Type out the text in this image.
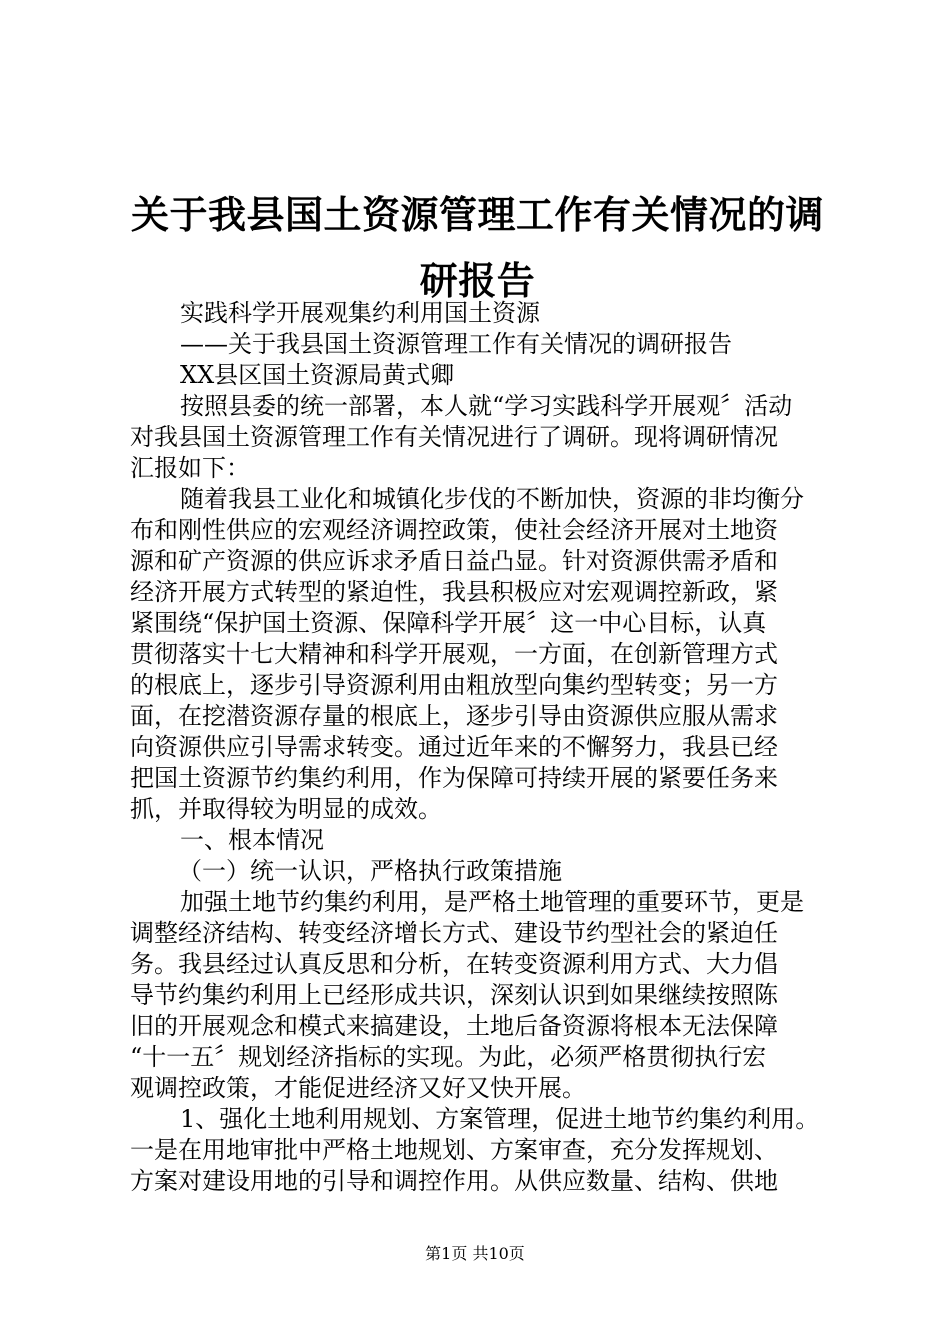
关于我县国土资源管理工作有关情况的调研报告
实践科学开展观集约利用国土资源
——关于我县国土资源管理工作有关情况的调研报告
XX县区国土资源局黄式卿
按照县委的统一部署，本人就“学习实践科学开展观〞活动
对我县国土资源管理工作有关情况进行了调研。现将调研情况
汇报如下：
随着我县工业化和城镇化步伐的不断加快，资源的非均衡分
布和刚性供应的宏观经济调控政策，使社会经济开展对土地资
源和矿产资源的供应诉求矛盾日益凸显。针对资源供需矛盾和
经济开展方式转型的紧迫性，我县积极应对宏观调控新政，紧
紧围绕“保护国土资源、保障科学开展〞这一中心目标，认真
贯彻落实十七大精神和科学开展观，一方面，在创新管理方式
的根底上，逐步引导资源利用由粗放型向集约型转变；另一方
面，在挖潜资源存量的根底上，逐步引导由资源供应服从需求
向资源供应引导需求转变。通过近年来的不懈努力，我县已经
把国土资源节约集约利用，作为保障可持续开展的紧要任务来
抓，并取得较为明显的成效。
一、根本情况
（一）统一认识，严格执行政策措施
加强土地节约集约利用，是严格土地管理的重要环节，更是
调整经济结构、转变经济增长方式、建设节约型社会的紧迫任
务。我县经过认真反思和分析，在转变资源利用方式、大力倡
导节约集约利用上已经形成共识，深刻认识到如果继续按照陈
旧的开展观念和模式来搞建设，土地后备资源将根本无法保障
“十一五〞规划经济指标的实现。为此，必须严格贯彻执行宏
观调控政策，才能促进经济又好又快开展。
1、强化土地利用规划、方案管理，促进土地节约集约利用。
一是在用地审批中严格土地规划、方案审查，充分发挥规划、
方案对建设用地的引导和调控作用。从供应数量、结构、供地
第1页 共10页
